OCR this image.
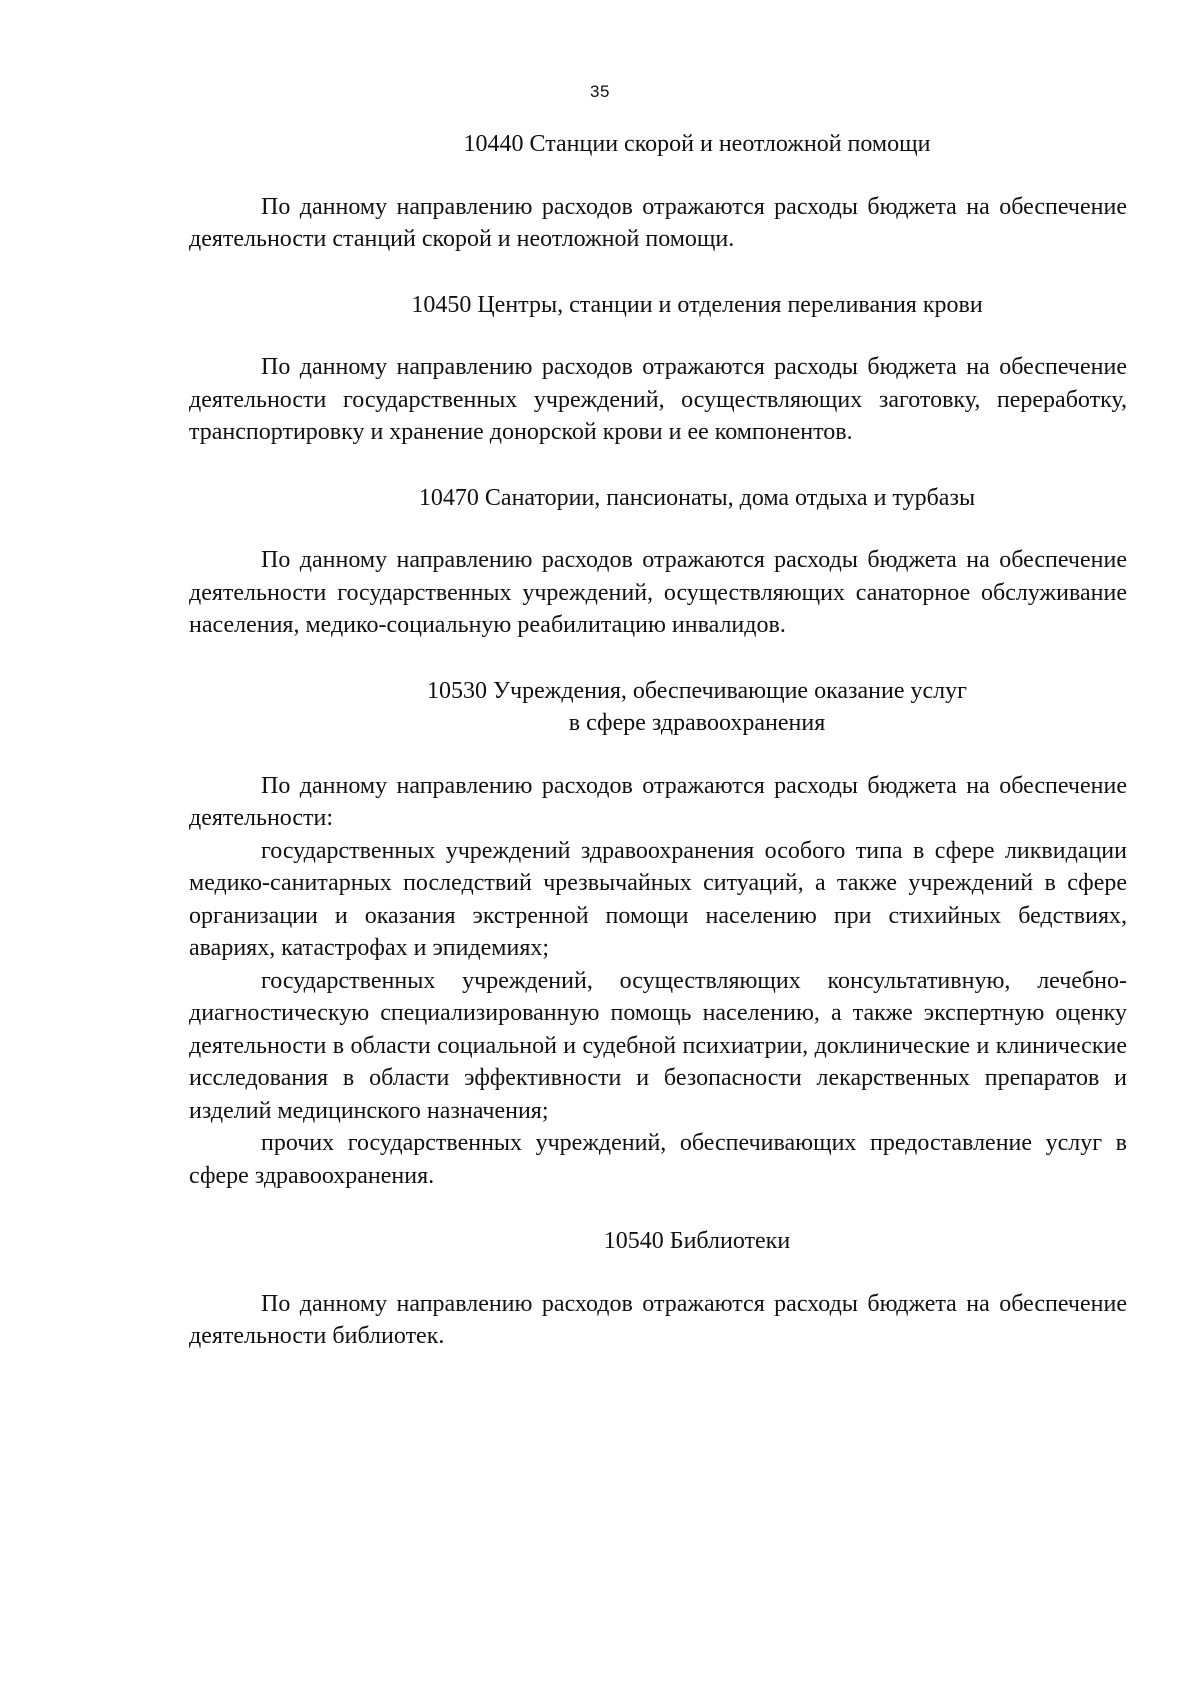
35
10440 Станции скорой и неотложной помощи

По данному направлению расходов отражаются расходы бюджета на обеспечение деятельности станций скорой и неотложной помощи.

10450 Центры, станции и отделения переливания крови

По данному направлению расходов отражаются расходы бюджета на обеспечение деятельности государственных учреждений, осуществляющих заготовку, переработку, транспортировку и хранение донорской крови и ее компонентов.

10470 Санатории, пансионаты, дома отдыха и турбазы

По данному направлению расходов отражаются расходы бюджета на обеспечение деятельности государственных учреждений, осуществляющих санаторное обслуживание населения, медико-социальную реабилитацию инвалидов.

10530 Учреждения, обеспечивающие оказание услуг
в сфере здравоохранения

По данному направлению расходов отражаются расходы бюджета на обеспечение деятельности:

государственных учреждений здравоохранения особого типа в сфере ликвидации медико-санитарных последствий чрезвычайных ситуаций, а также учреждений в сфере организации и оказания экстренной помощи населению при стихийных бедствиях, авариях, катастрофах и эпидемиях;

государственных учреждений, осуществляющих консультативную, лечебно-диагностическую специализированную помощь населению, а также экспертную оценку деятельности в области социальной и судебной психиатрии, доклинические и клинические исследования в области эффективности и безопасности лекарственных препаратов и изделий медицинского назначения;

прочих государственных учреждений, обеспечивающих предоставление услуг в сфере здравоохранения.

10540 Библиотеки

По данному направлению расходов отражаются расходы бюджета на обеспечение деятельности библиотек.
